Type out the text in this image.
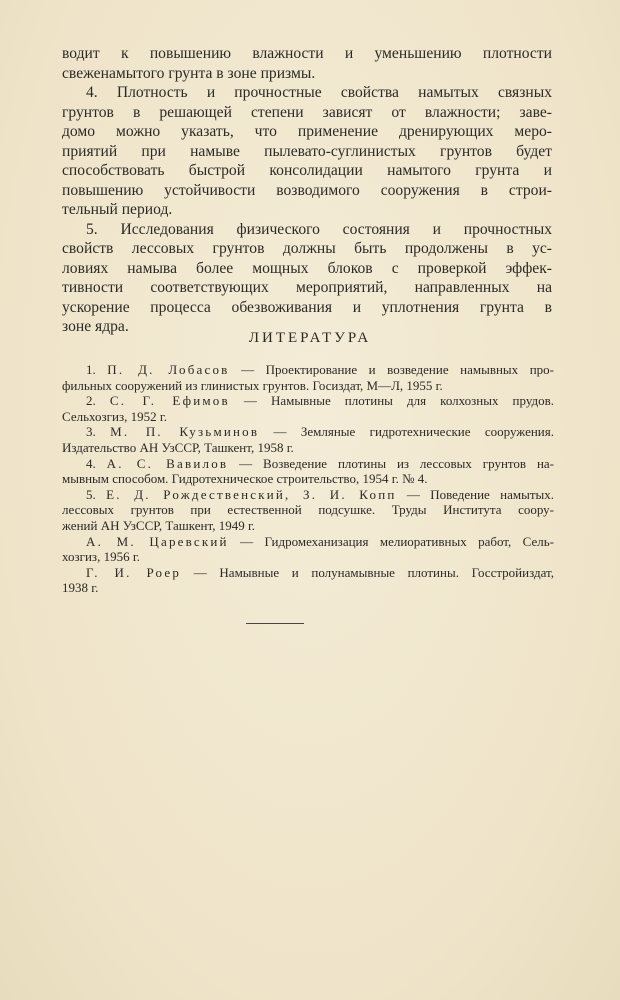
водит к повышению влажности и уменьшению плотности
свеженамытого грунта в зоне призмы.

4. Плотность и прочностные свойства намытых связных
грунтов в решающей степени зависят от влажности; заве-
домо можно указать, что применение дренирующих меро-
приятий при намыве пылевато-суглинистых грунтов будет
способствовать быстрой консолидации намытого грунта и
повышению устойчивости возводимого сооружения в строи-
тельный период.

5. Исследования физического состояния и прочностных
свойств лессовых грунтов должны быть продолжены в ус-
ловиях намыва более мощных блоков с проверкой эффек-
тивности соответствующих мероприятий, направленных на
ускорение процесса обезвоживания и уплотнения грунта в
зоне ядра.

ЛИТЕРАТУРА
1. П. Д. Лобасов — Проектирование и возведение намывных про-
фильных сооружений из глинистых грунтов. Госиздат, М—Л, 1955 г.
2. С. Г. Ефимов — Намывные плотины для колхозных прудов.
Сельхозгиз, 1952 г.
3. М. П. Кузьминов — Земляные гидротехнические сооружения.
Издательство АН УзССР, Ташкент, 1958 г.
4. А. С. Вавилов — Возведение плотины из лессовых грунтов на-
мывным способом. Гидротехническое строительство, 1954 г. № 4.
5. Е. Д. Рождественский, З. И. Копп — Поведение намытых.
лессовых грунтов при естественной подсушке. Труды Института соору-
жений АН УзССР, Ташкент, 1949 г.
А. М. Царевский — Гидромеханизация мелиоративных работ, Сель-
хозгиз, 1956 г.
Г. И. Роер — Намывные и полунамывные плотины. Госстройиздат,
1938 г.
